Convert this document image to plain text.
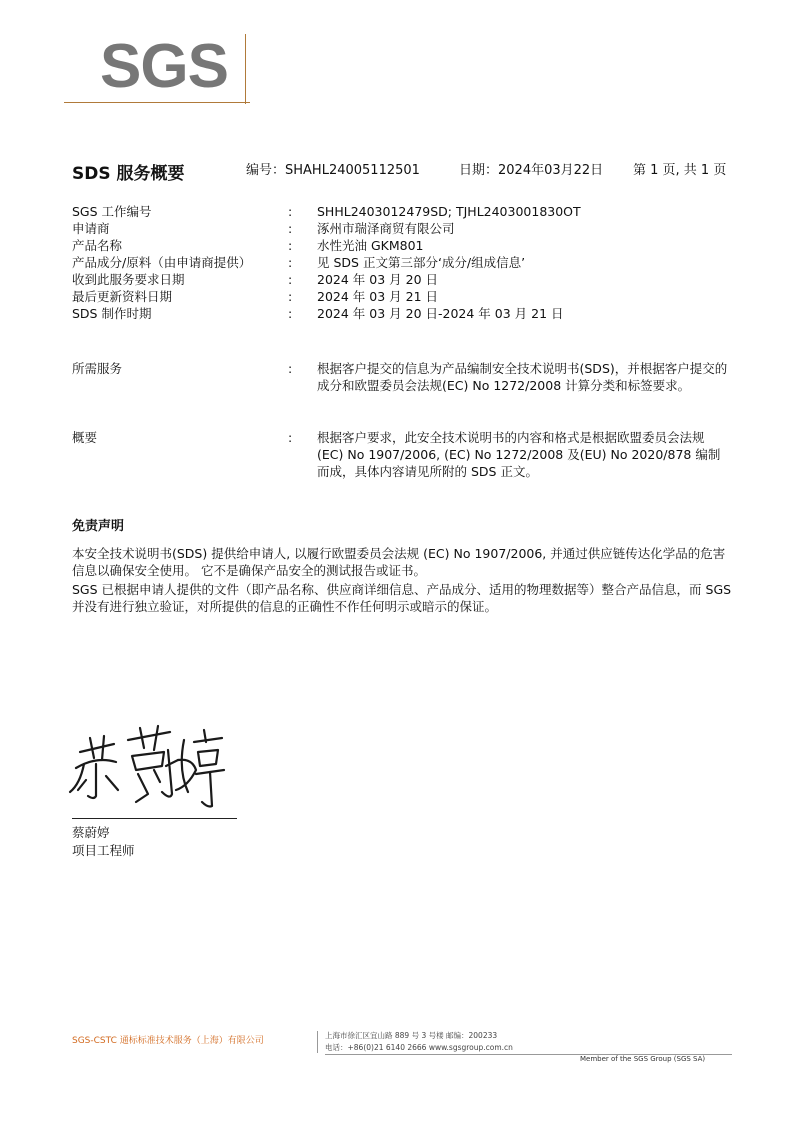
SGS
SDS 服务概要	编号：SHAHL24005112501	日期：2024年03月22日 第 1 页, 共 1 页
SGS 工作编号	: SHHL2403012479SD; TJHL2403001830OT
申请商	: 涿州市瑞泽商贸有限公司
产品名称	: 水性光油 GKM801
产品成分/原料（由申请商提供）	: 见 SDS 正文第三部分‘成分/组成信息’
收到此服务要求日期	: 2024 年 03 月 20 日
最后更新资料日期	: 2024 年 03 月 21 日
SDS 制作时期	: 2024 年 03 月 20 日-2024 年 03 月 21 日
所需服务	: 根据客户提交的信息为产品编制安全技术说明书(SDS)，并根据客户提交的成分和欧盟委员会法规(EC) No 1272/2008 计算分类和标签要求。
概要	: 根据客户要求，此安全技术说明书的内容和格式是根据欧盟委员会法规 (EC) No 1907/2006, (EC) No 1272/2008 及(EU) No 2020/878 编制而成，具体内容请见所附的 SDS 正文。
免责声明
本安全技术说明书(SDS) 提供给申请人, 以履行欧盟委员会法规 (EC) No 1907/2006, 并通过供应链传达化学品的危害信息以确保安全使用。 它不是确保产品安全的测试报告或证书。
SGS 已根据申请人提供的文件（即产品名称、供应商详细信息、产品成分、适用的物理数据等）整合产品信息，而 SGS 并没有进行独立验证，对所提供的信息的正确性不作任何明示或暗示的保证。
蔡蔚婷
项目工程师
SGS-CSTC 通标标准技术服务（上海）有限公司
上海市徐汇区宜山路 889 号 3 号楼 邮编：200233
电话：+86(0)21 6140 2666 www.sgsgroup.com.cn
Member of the SGS Group (SGS SA)
